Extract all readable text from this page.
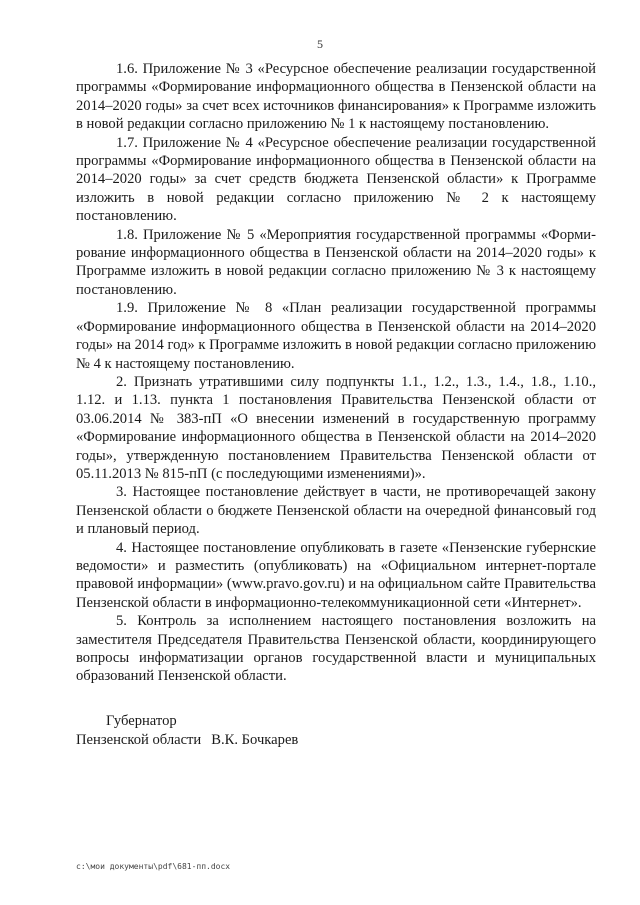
5

1.6. Приложение № 3 «Ресурсное обеспечение реализации государственной программы «Формирование информационного общества в Пензенской области на 2014–2020 годы» за счет всех источников финансирования» к Программе изложить в новой редакции согласно приложению № 1 к настоящему постановлению.

1.7. Приложение № 4 «Ресурсное обеспечение реализации государственной программы «Формирование информационного общества в Пензенской области на 2014–2020 годы» за счет средств бюджета Пензенской области» к Программе изложить в новой редакции согласно приложению № 2 к настоящему постановлению.

1.8. Приложение № 5 «Мероприятия государственной программы «Формирование информационного общества в Пензенской области на 2014–2020 годы» к Программе изложить в новой редакции согласно приложению № 3 к настоящему постановлению.

1.9. Приложение № 8 «План реализации государственной программы «Формирование информационного общества в Пензенской области на 2014–2020 годы» на 2014 год» к Программе изложить в новой редакции согласно приложению № 4 к настоящему постановлению.

2. Признать утратившими силу подпункты 1.1., 1.2., 1.3., 1.4., 1.8., 1.10., 1.12. и 1.13. пункта 1 постановления Правительства Пензенской области от 03.06.2014 № 383-пП «О внесении изменений в государственную программу «Формирование информационного общества в Пензенской области на 2014–2020 годы», утвержденную постановлением Правительства Пензенской области от 05.11.2013 № 815-пП (с последующими изменениями)».

3. Настоящее постановление действует в части, не противоречащей закону Пензенской области о бюджете Пензенской области на очередной финансовый год и плановый период.

4. Настоящее постановление опубликовать в газете «Пензенские губернские ведомости» и разместить (опубликовать) на «Официальном интернет-портале правовой информации» (www.pravo.gov.ru) и на официальном сайте Правительства Пензенской области в информационно-телекоммуникационной сети «Интернет».

5. Контроль за исполнением настоящего постановления возложить на заместителя Председателя Правительства Пензенской области, координирующего вопросы информатизации органов государственной власти и муниципальных образований Пензенской области.

Губернатор
Пензенской области В.К. Бочкарев
c:\мои документы\pdf\681-пп.docx
